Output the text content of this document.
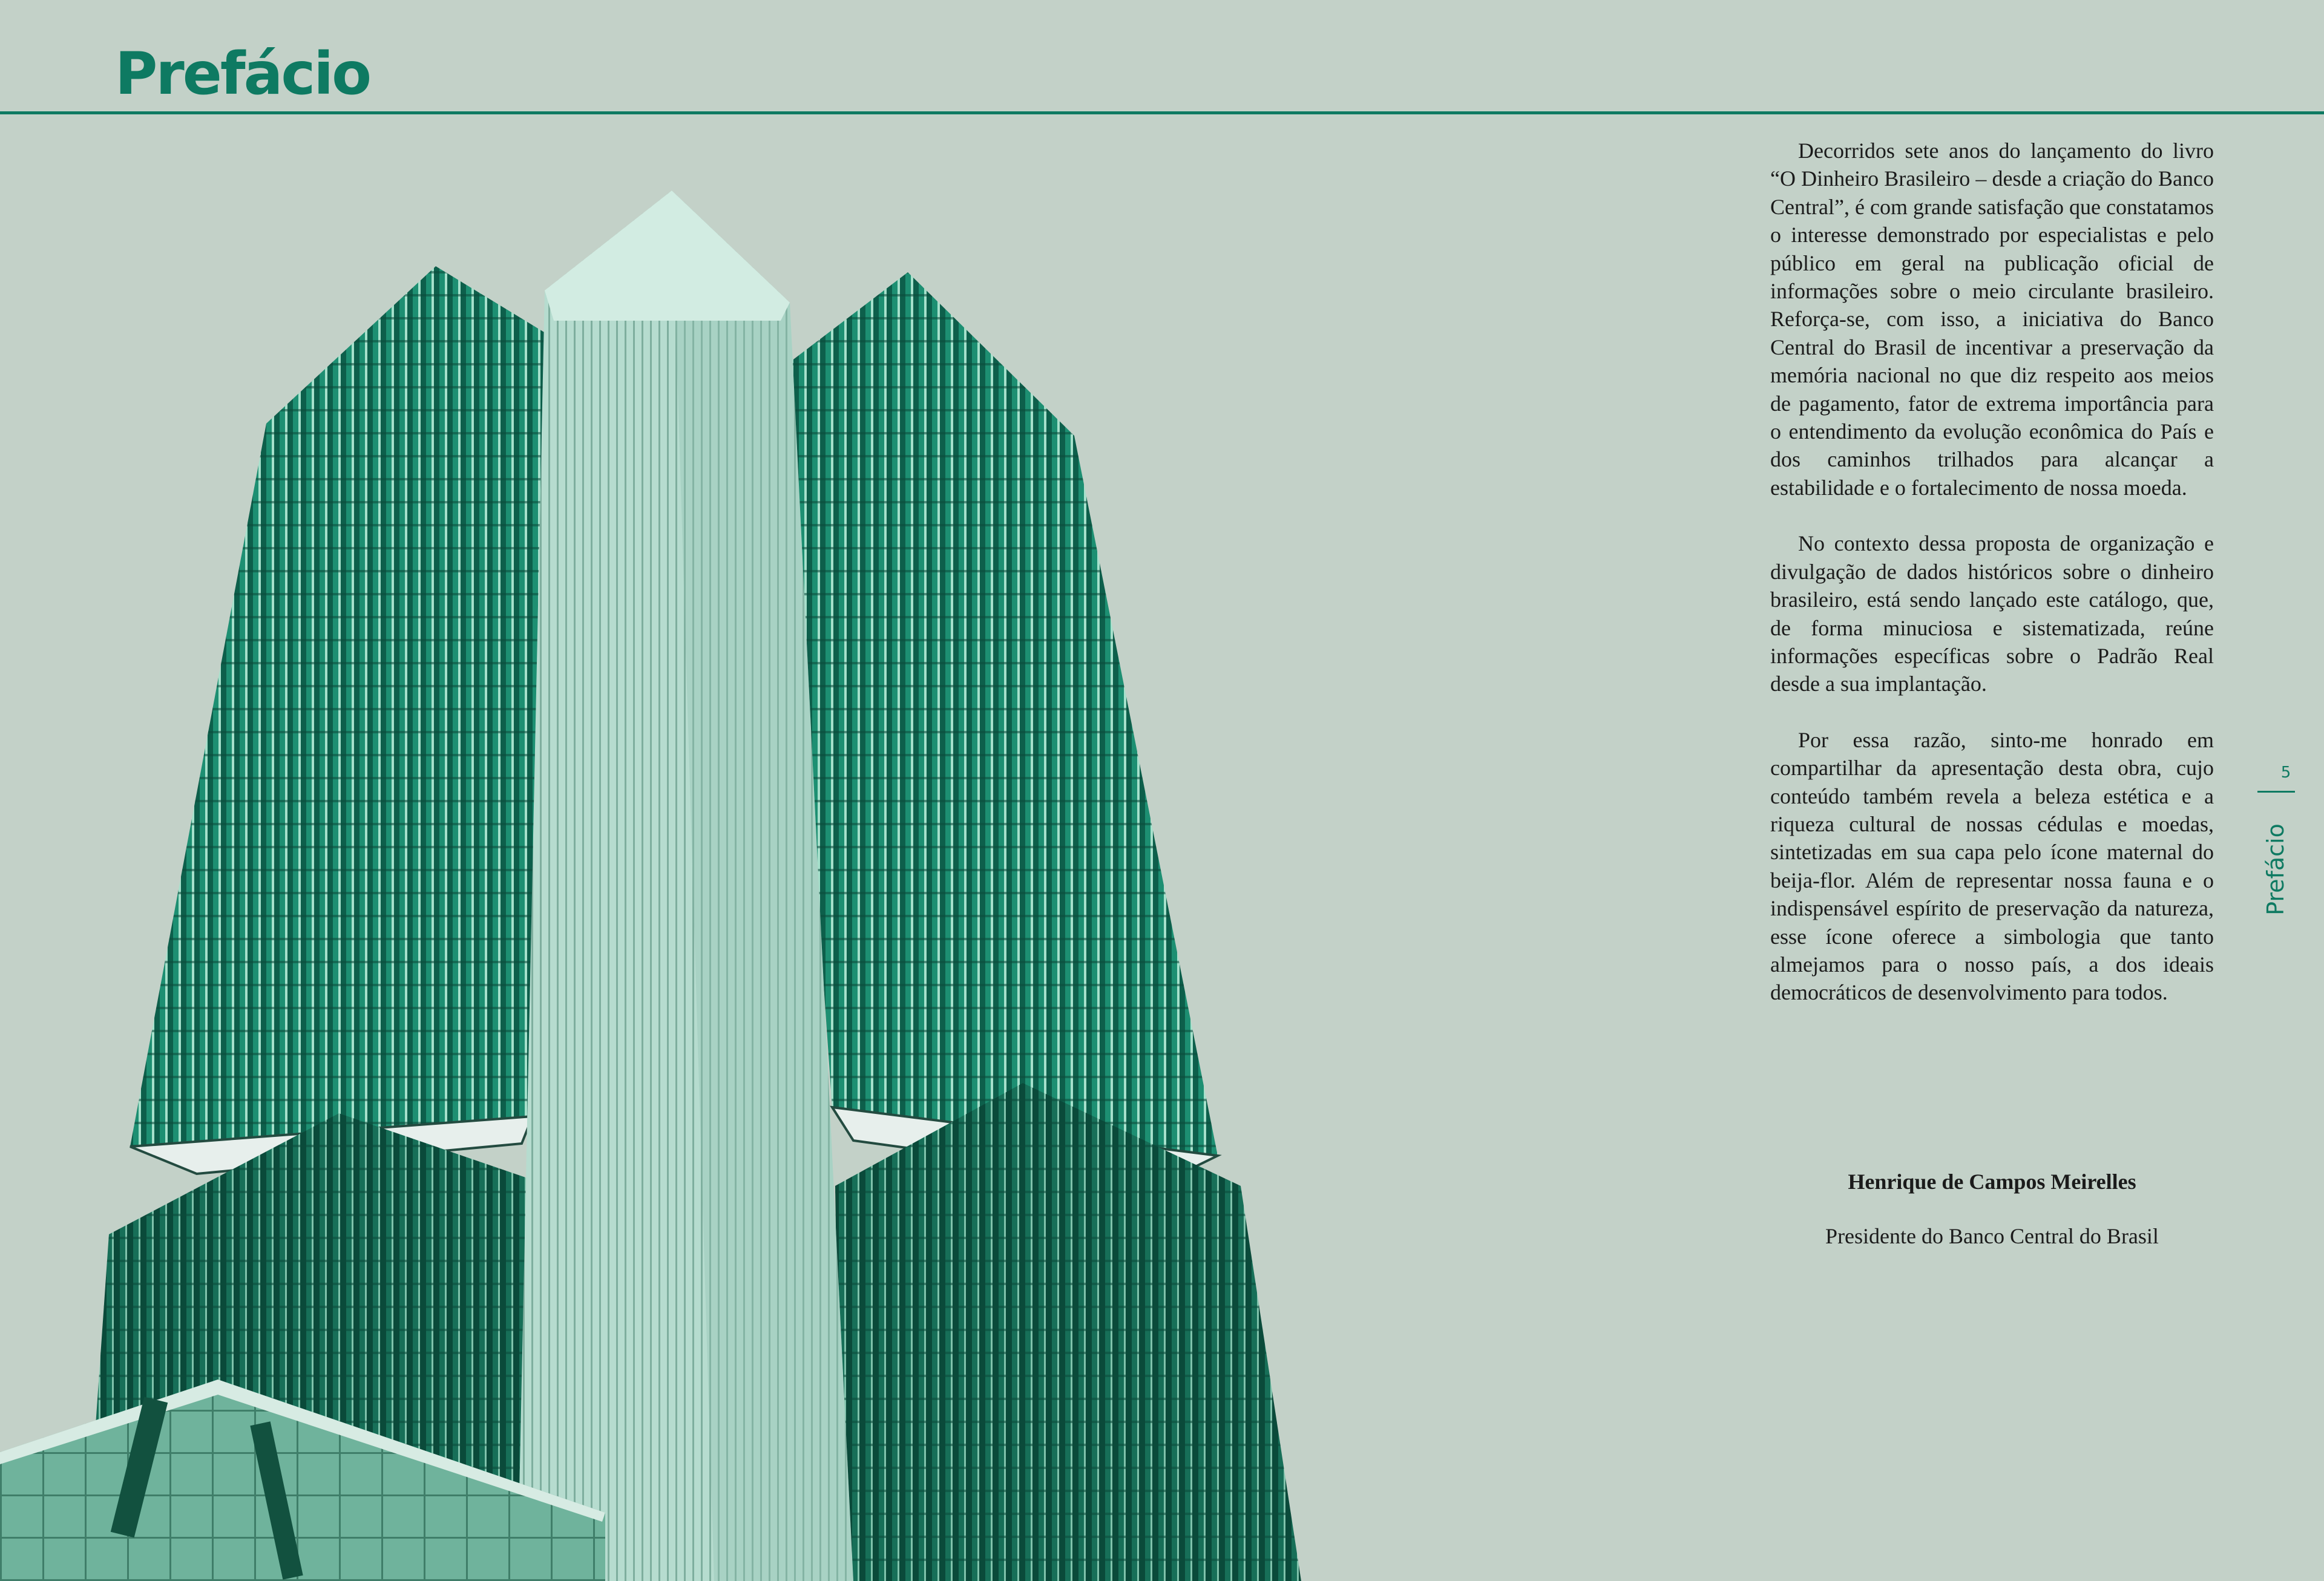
Prefácio

Decorridos sete anos do lançamento do livro “O Dinheiro Brasileiro – desde a criação do Banco Central”, é com grande satisfação que constatamos o interesse demonstrado por especialistas e pelo público em geral na publicação oficial de informações sobre o meio circulante brasileiro. Reforça-se, com isso, a iniciativa do Banco Central do Brasil de incentivar a preservação da memória nacional no que diz respeito aos meios de pagamento, fator de extrema importância para o entendimento da evolução econômica do País e dos caminhos trilhados para alcançar a estabilidade e o fortalecimento de nossa moeda.

No contexto dessa proposta de organização e divulgação de dados históricos sobre o dinheiro brasileiro, está sendo lançado este catálogo, que, de forma minuciosa e sistematizada, reúne informações específicas sobre o Padrão Real desde a sua implantação.

Por essa razão, sinto-me honrado em compartilhar da apresentação desta obra, cujo conteúdo também revela a beleza estética e a riqueza cultural de nossas cédulas e moedas, sintetizadas em sua capa pelo ícone maternal do beija-flor. Além de representar nossa fauna e o indispensável espírito de preservação da natureza, esse ícone oferece a simbologia que tanto almejamos para o nosso país, a dos ideais democráticos de desenvolvimento para todos.

Henrique de Campos Meirelles
Presidente do Banco Central do Brasil
5
Prefácio
